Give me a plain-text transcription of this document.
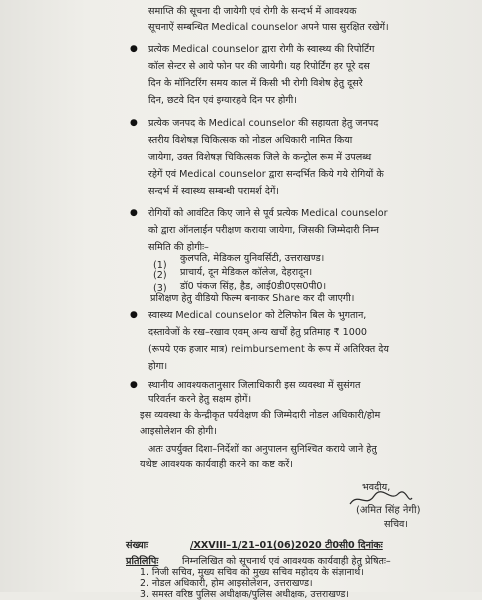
समाप्ति की सूचना दी जायेगी एवं रोगी के सन्दर्भ में आवश्यक
सूचनाऐं सम्बन्धित Medical counselor अपने पास सुरक्षित रखेगें।
● प्रत्येक Medical counselor द्वारा रोगी के स्वास्थ्य की रिपोर्टिंग
कॉल सेन्टर से आये फोन पर की जायेगी। यह रिपोर्टिंग हर पूरे दस
दिन के मॉनिटरिंग समय काल में किसी भी रोगी विशेष हेतु दूसरे
दिन, छटवे दिन एवं इग्यारहवे दिन पर होगी।
● प्रत्येक जनपद के Medical counselor की सहायता हेतु जनपद
स्तरीय विशेषज्ञ चिकित्सक को नोडल अधिकारी नामित किया
जायेगा, उक्त विशेषज्ञ चिकित्सक जिले के कन्ट्रोल रूम में उपलब्ध
रहेगें एवं Medical counselor द्वारा सन्दर्भित किये गये रोगियों के
सन्दर्भ में स्वास्थ्य सम्बन्धी परामर्श देगें।
● रोगियों को आवंटित किए जाने से पूर्व प्रत्येक Medical counselor
को द्वारा ऑनलाईन परीक्षण कराया जायेगा, जिसकी जिम्मेदारी निम्न
समिति की होगीः–
(1)
कुलपति, मेडिकल युनिवर्सिटी, उत्तराखण्ड।
(2) प्राचार्य, दून मेडिकल कॉलेज, देहरादून।
(3) डॉ0 पंकज सिंह, हैड, आई0डी0एस0पी0।
प्रशिक्षण हेतु वीडियो फिल्म बनाकर Share कर दी जाएगी।
● स्वास्थ्य Medical counselor को टेलिफोन बिल के भुगतान,
दस्तावेजों के रख–रखाव एवम् अन्य खर्चों हेतु प्रतिमाह ₹ 1000
(रूपये एक हजार मात्र) reimbursement के रूप में अतिरिक्त देय
होगा।
● स्थानीय आवश्यकतानुसार जिलाधिकारी इस व्यवस्था में सुसंगत
परिवर्तन करने हेतु सक्षम होगें।
इस व्यवस्था के केन्द्रीकृत पर्यवेक्षण की जिम्मेदारी नोडल अधिकारी/होम
आइसोलेशन की होगी।
अतः उपर्युक्त दिशा–निर्देशों का अनुपालन सुनिश्चित कराये जाने हेतु
यथेष्ट आवश्यक कार्यवाही करने का कष्ट करें।
भवदीय,
(अमित सिंह नेगी)
सचिव।
संख्याः	/XXVIII–1/21–01(06)2020 टी0सी0 दिनांकः
प्रतिलिपिः निम्नलिखित को सूचनार्थ एवं आवश्यक कार्यवाही हेतु प्रेषितः–
1. निजी सचिव, मुख्य सचिव को मुख्य सचिव महोदय के संज्ञानार्थ।
2. नोडल अधिकारी, होम आइसोलेशन, उत्तराखण्ड।
3. समस्त वरिष्ठ पुलिस अधीक्षक/पुलिस अधीक्षक, उत्तराखण्ड।
